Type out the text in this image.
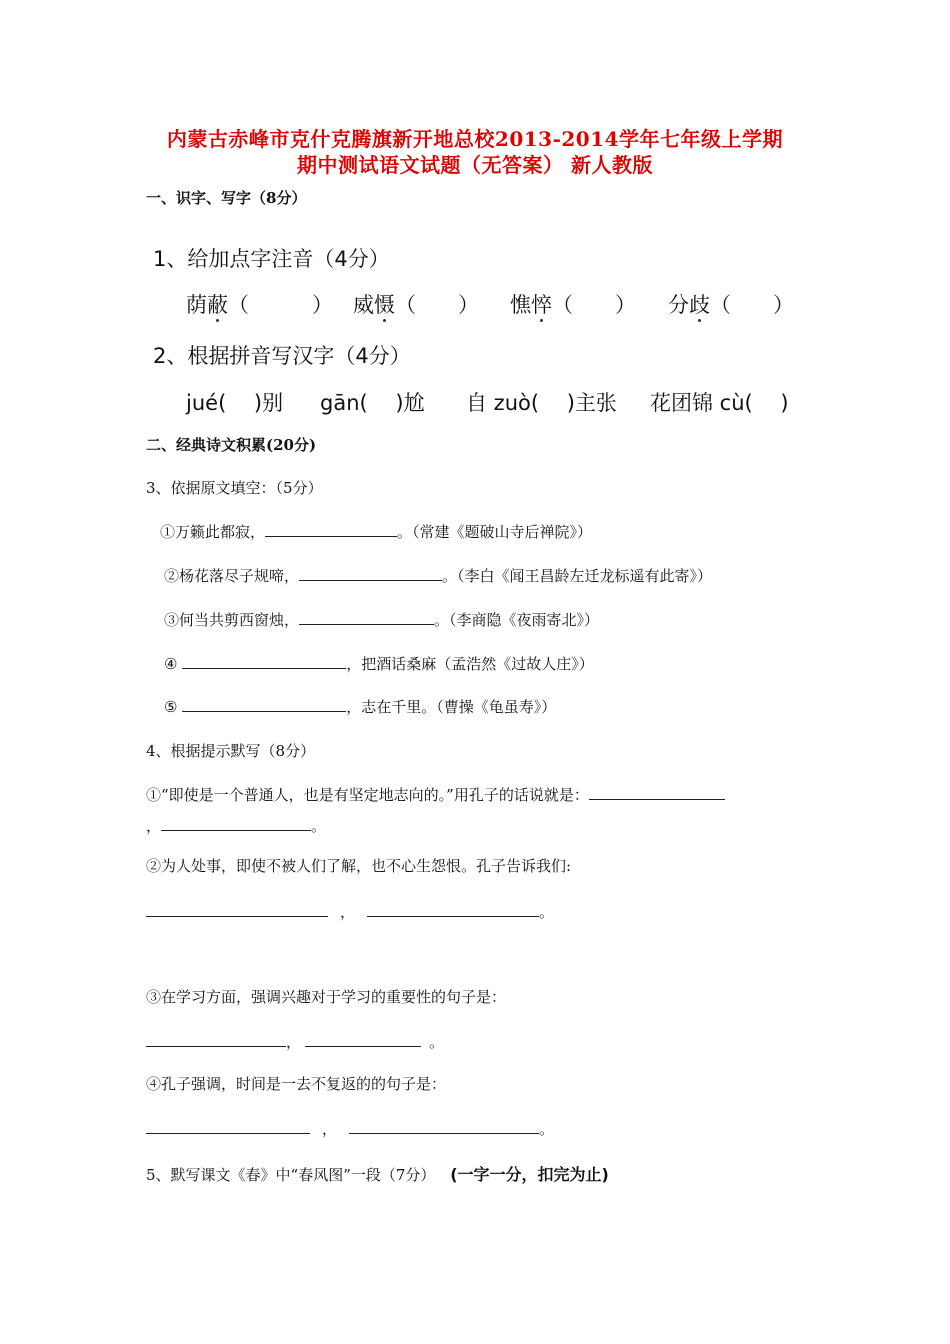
内蒙古赤峰市克什克腾旗新开地总校2013-2014学年七年级上学期
期中测试语文试题（无答案） 新人教版
一、识字、写字（8分）
1、给加点字注音（4分）
荫蔽（　　　） 威慑（　　） 憔悴（　　） 分歧（　　）
2、根据拼音写汉字（4分）
jué(　 )别 gān(　 )尬 自 zuò(　 )主张 花团锦 cù(　 )
二、经典诗文积累(20分)
3、依据原文填空：（5分）
①万籁此都寂，	。（常建《题破山寺后禅院》）
②杨花落尽子规啼，	。（李白《闻王昌龄左迁龙标遥有此寄》）
③何当共剪西窗烛，	。（李商隐《夜雨寄北》）
④	，把酒话桑麻（孟浩然《过故人庄》）
⑤	，志在千里。（曹操《龟虽寿》）
4、根据提示默写（8分）
①“即使是一个普通人，也是有坚定地志向的。”用孔子的话说就是：
，	。
②为人处事，即使不被人们了解，也不心生怨恨。孔子告诉我们:
，	。
③在学习方面，强调兴趣对于学习的重要性的句子是：
，	。
④孔子强调，时间是一去不复返的的句子是：
，	。
5、默写课文《春》中“春风图”一段（7分） (一字一分，扣完为止)
